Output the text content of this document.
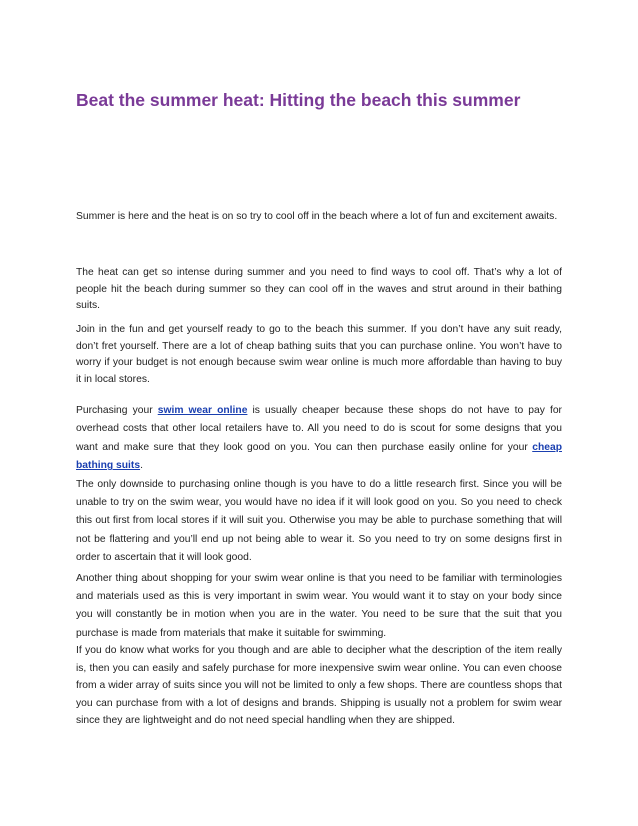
Beat the summer heat: Hitting the beach this summer

Summer is here and the heat is on so try to cool off in the beach where a lot of fun and excitement awaits.

The heat can get so intense during summer and you need to find ways to cool off. That’s why a lot of people hit the beach during summer so they can cool off in the waves and strut around in their bathing suits.

Join in the fun and get yourself ready to go to the beach this summer. If you don’t have any suit ready, don’t fret yourself. There are a lot of cheap bathing suits that you can purchase online. You won’t have to worry if your budget is not enough because swim wear online is much more affordable than having to buy it in local stores.

Purchasing your swim wear online is usually cheaper because these shops do not have to pay for overhead costs that other local retailers have to. All you need to do is scout for some designs that you want and make sure that they look good on you. You can then purchase easily online for your cheap bathing suits.

The only downside to purchasing online though is you have to do a little research first. Since you will be unable to try on the swim wear, you would have no idea if it will look good on you. So you need to check this out first from local stores if it will suit you. Otherwise you may be able to purchase something that will not be flattering and you’ll end up not being able to wear it. So you need to try on some designs first in order to ascertain that it will look good.

Another thing about shopping for your swim wear online is that you need to be familiar with terminologies and materials used as this is very important in swim wear. You would want it to stay on your body since you will constantly be in motion when you are in the water. You need to be sure that the suit that you purchase is made from materials that make it suitable for swimming.

If you do know what works for you though and are able to decipher what the description of the item really is, then you can easily and safely purchase for more inexpensive swim wear online. You can even choose from a wider array of suits since you will not be limited to only a few shops. There are countless shops that you can purchase from with a lot of designs and brands. Shipping is usually not a problem for swim wear since they are lightweight and do not need special handling when they are shipped.
